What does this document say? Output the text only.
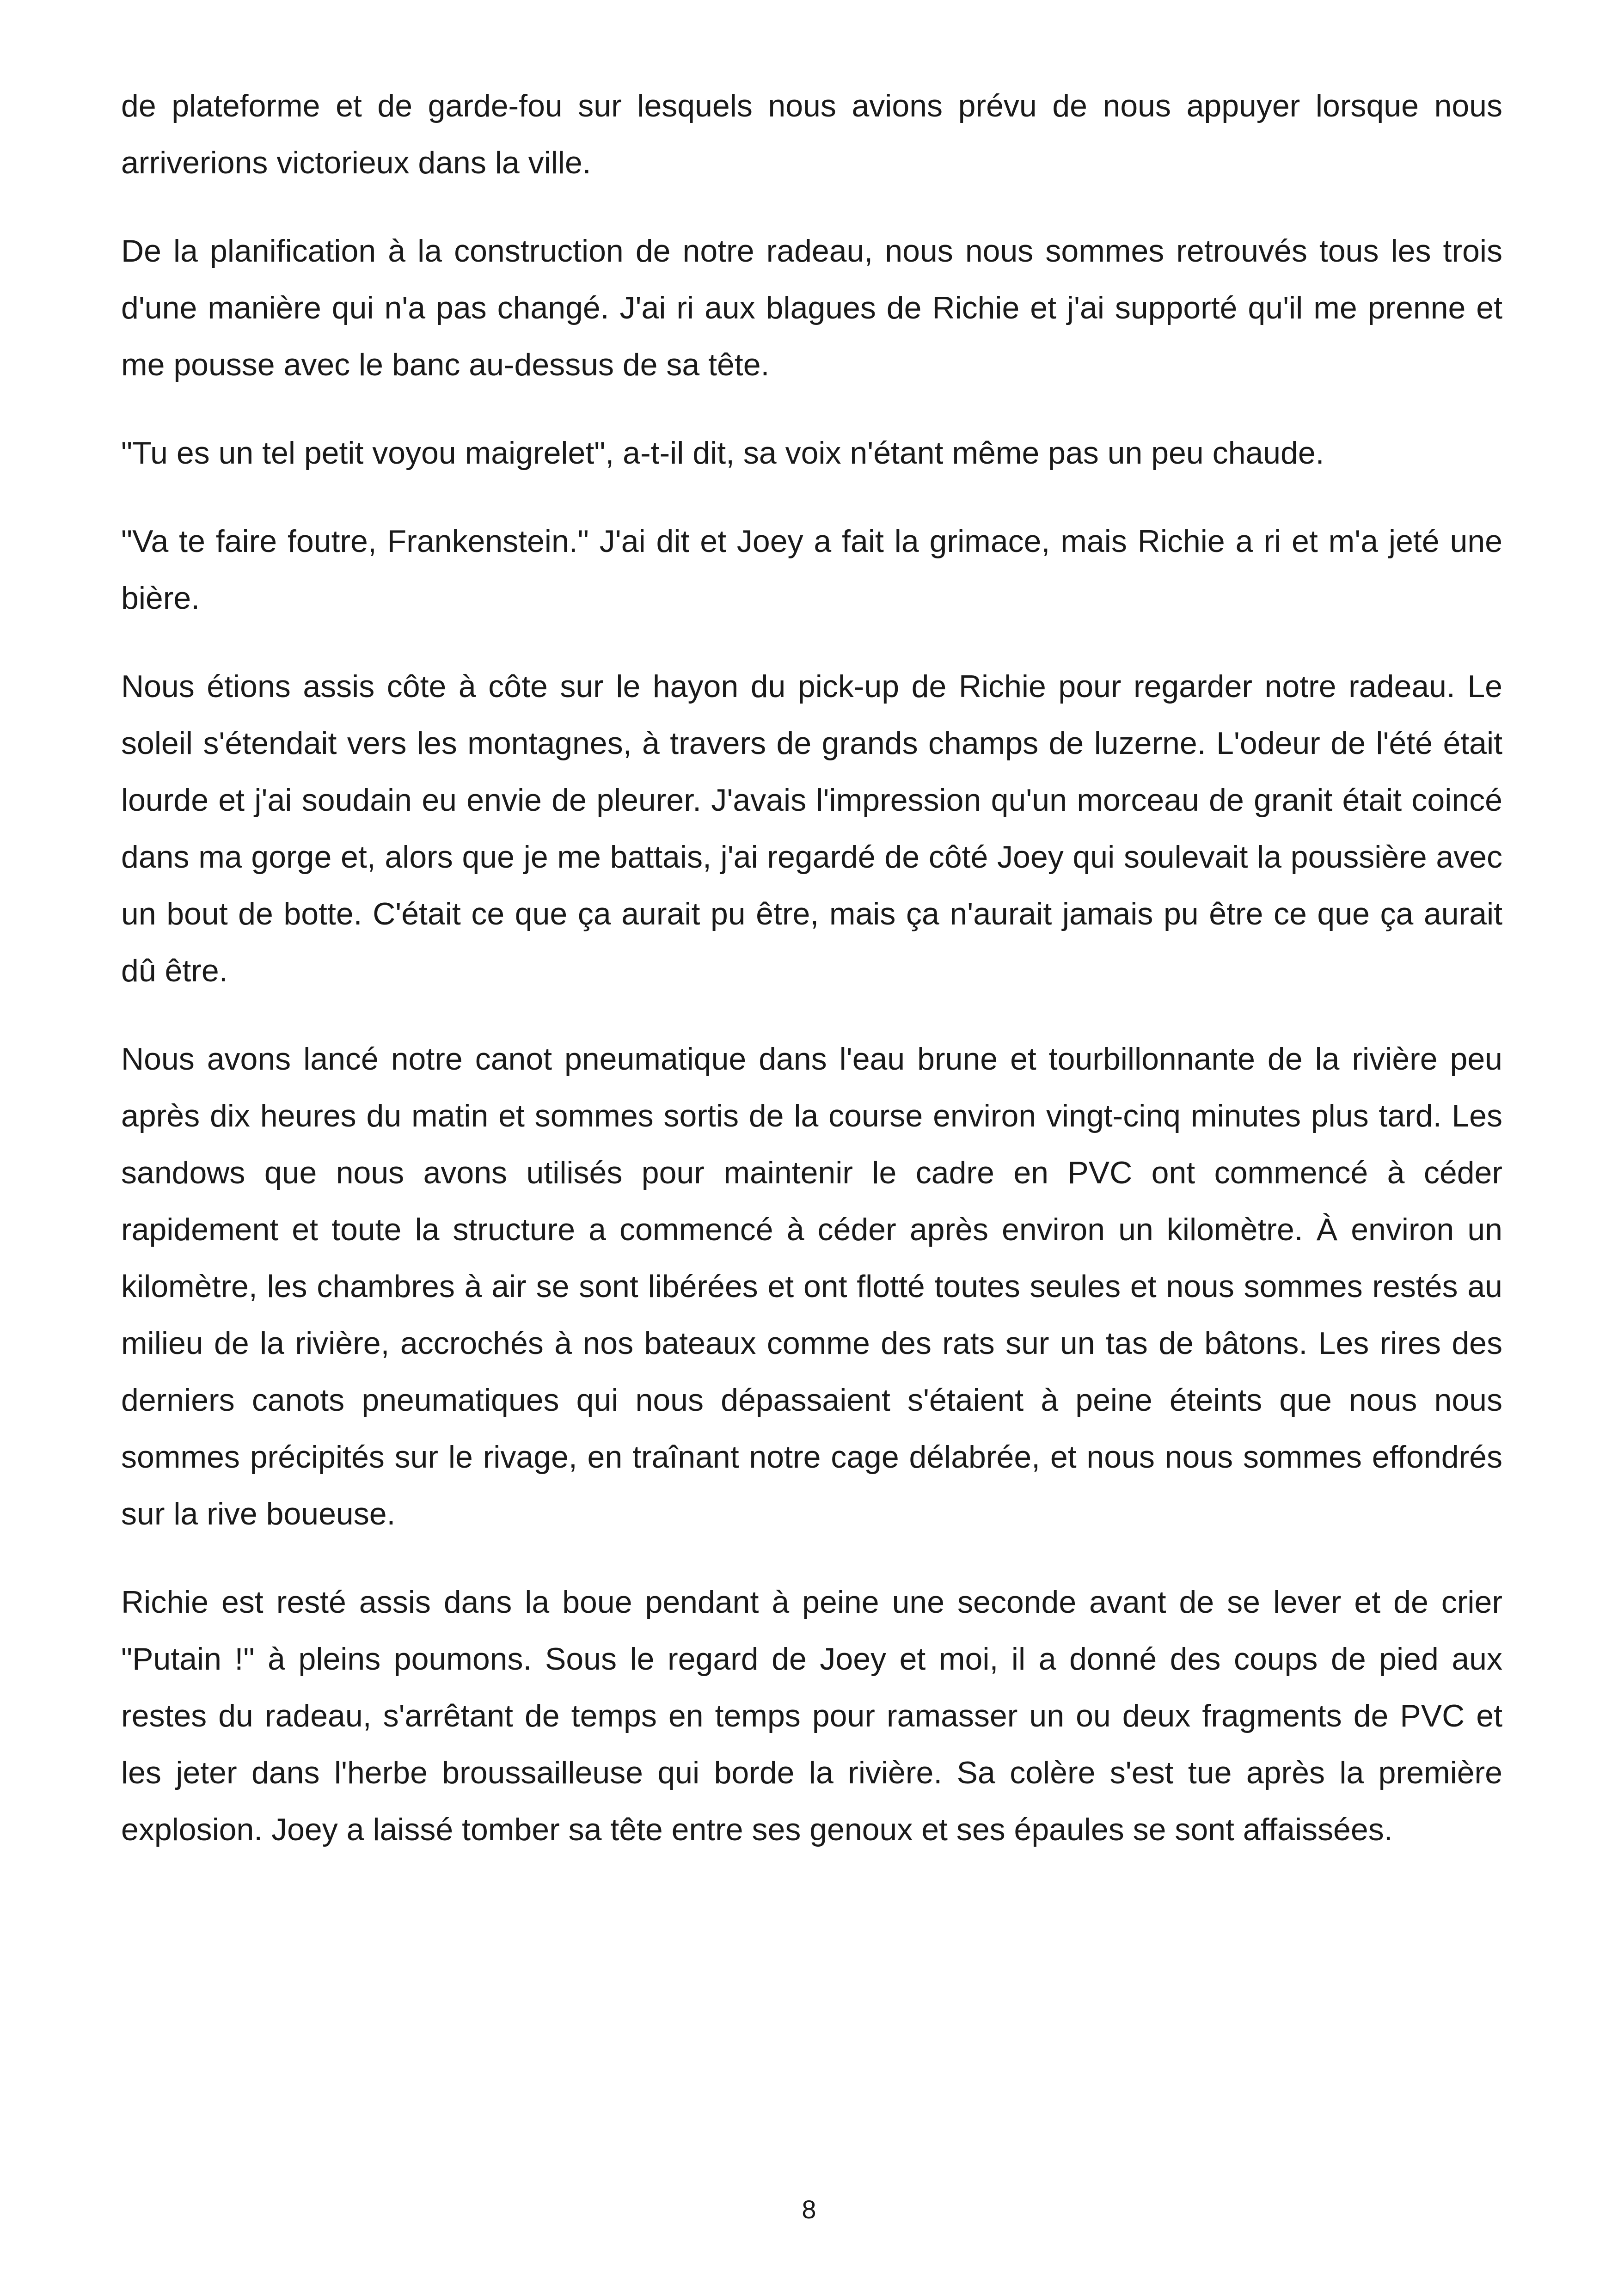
de plateforme et de garde-fou sur lesquels nous avions prévu de nous appuyer lorsque nous arriverions victorieux dans la ville.

De la planification à la construction de notre radeau, nous nous sommes retrouvés tous les trois d'une manière qui n'a pas changé. J'ai ri aux blagues de Richie et j'ai supporté qu'il me prenne et me pousse avec le banc au-dessus de sa tête.

"Tu es un tel petit voyou maigrelet", a-t-il dit, sa voix n'étant même pas un peu chaude.

"Va te faire foutre, Frankenstein." J'ai dit et Joey a fait la grimace, mais Richie a ri et m'a jeté une bière.

Nous étions assis côte à côte sur le hayon du pick-up de Richie pour regarder notre radeau. Le soleil s'étendait vers les montagnes, à travers de grands champs de luzerne. L'odeur de l'été était lourde et j'ai soudain eu envie de pleurer. J'avais l'impression qu'un morceau de granit était coincé dans ma gorge et, alors que je me battais, j'ai regardé de côté Joey qui soulevait la poussière avec un bout de botte. C'était ce que ça aurait pu être, mais ça n'aurait jamais pu être ce que ça aurait dû être.

Nous avons lancé notre canot pneumatique dans l'eau brune et tourbillonnante de la rivière peu après dix heures du matin et sommes sortis de la course environ vingt-cinq minutes plus tard. Les sandows que nous avons utilisés pour maintenir le cadre en PVC ont commencé à céder rapidement et toute la structure a commencé à céder après environ un kilomètre. À environ un kilomètre, les chambres à air se sont libérées et ont flotté toutes seules et nous sommes restés au milieu de la rivière, accrochés à nos bateaux comme des rats sur un tas de bâtons. Les rires des derniers canots pneumatiques qui nous dépassaient s'étaient à peine éteints que nous nous sommes précipités sur le rivage, en traînant notre cage délabrée, et nous nous sommes effondrés sur la rive boueuse.

Richie est resté assis dans la boue pendant à peine une seconde avant de se lever et de crier "Putain !" à pleins poumons. Sous le regard de Joey et moi, il a donné des coups de pied aux restes du radeau, s'arrêtant de temps en temps pour ramasser un ou deux fragments de PVC et les jeter dans l'herbe broussailleuse qui borde la rivière. Sa colère s'est tue après la première explosion. Joey a laissé tomber sa tête entre ses genoux et ses épaules se sont affaissées.

8
